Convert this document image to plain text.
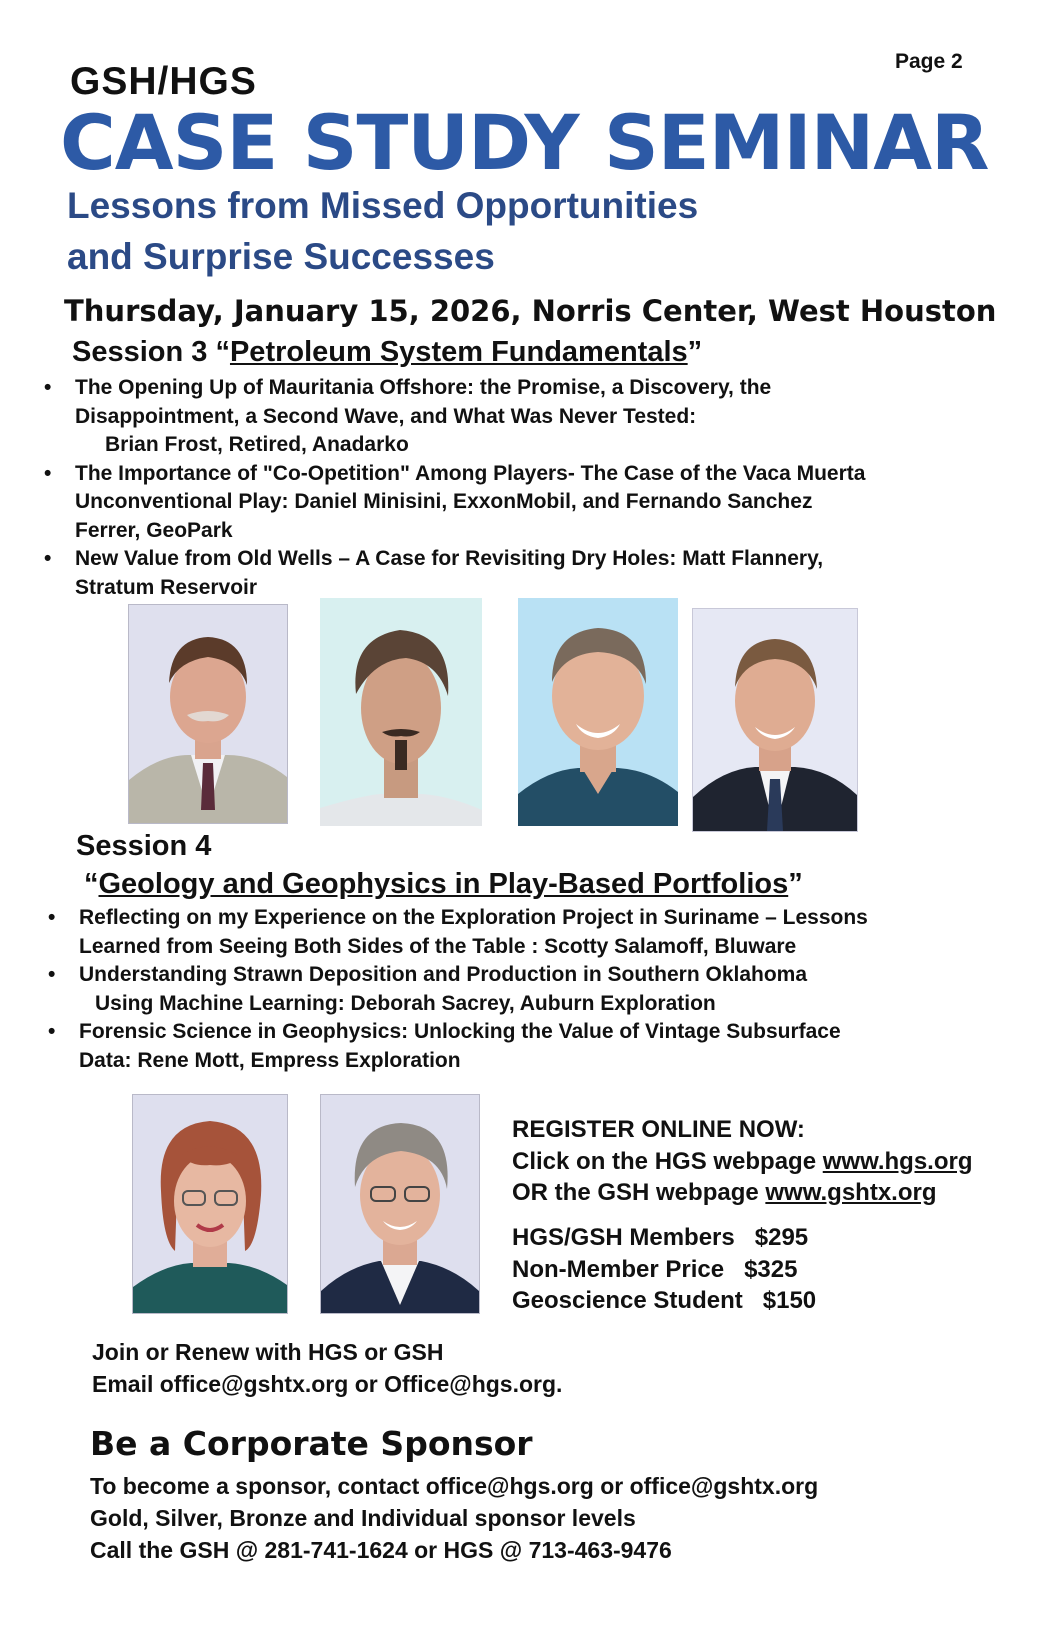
Page 2
GSH/HGS
CASE STUDY SEMINAR
Lessons from Missed Opportunities
and Surprise Successes
Thursday, January 15, 2026, Norris Center, West Houston
Session 3 “Petroleum System Fundamentals”
• The Opening Up of Mauritania Offshore: the Promise, a Discovery, the
Disappointment, a Second Wave, and What Was Never Tested:
Brian Frost, Retired, Anadarko
• The Importance of "Co-Opetition" Among Players- The Case of the Vaca Muerta
Unconventional Play: Daniel Minisini, ExxonMobil, and Fernando Sanchez
Ferrer, GeoPark
• New Value from Old Wells – A Case for Revisiting Dry Holes: Matt Flannery,
Stratum Reservoir
Session 4
“Geology and Geophysics in Play-Based Portfolios”
• Reflecting on my Experience on the Exploration Project in Suriname – Lessons
Learned from Seeing Both Sides of the Table : Scotty Salamoff, Bluware
• Understanding Strawn Deposition and Production in Southern Oklahoma
Using Machine Learning: Deborah Sacrey, Auburn Exploration
• Forensic Science in Geophysics: Unlocking the Value of Vintage Subsurface
Data: Rene Mott, Empress Exploration
REGISTER ONLINE NOW:
Click on the HGS webpage www.hgs.org
OR the GSH webpage www.gshtx.org
HGS/GSH Members $295
Non-Member Price $325
Geoscience Student $150
Join or Renew with HGS or GSH
Email office@gshtx.org or Office@hgs.org.
Be a Corporate Sponsor
To become a sponsor, contact office@hgs.org or office@gshtx.org
Gold, Silver, Bronze and Individual sponsor levels
Call the GSH @ 281-741-1624 or HGS @ 713-463-9476
